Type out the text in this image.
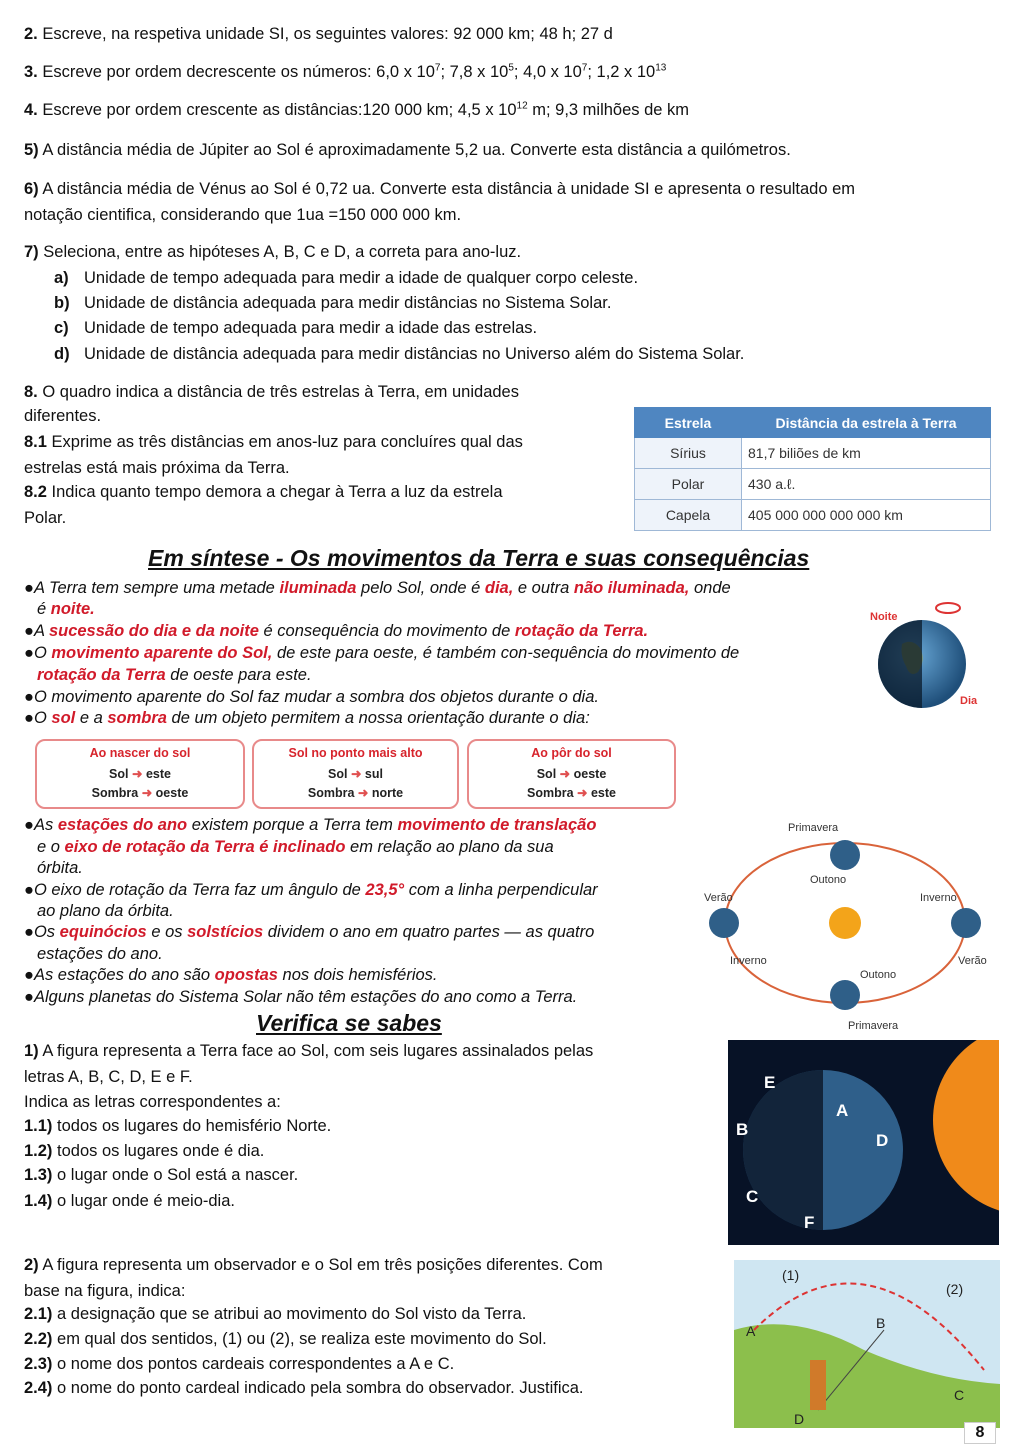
2. Escreve, na respetiva unidade SI, os seguintes valores: 92 000 km; 48 h; 27 d
3. Escreve por ordem decrescente os números: 6,0 x $10^7$; 7,8 x $10^5$; 4,0 x $10^7$; 1,2 x $10^{13}$
4. Escreve por ordem crescente as distâncias:120 000 km; 4,5 x $10^{12}$ m; 9,3 milhões de km
5) A distância média de Júpiter ao Sol é aproximadamente 5,2 ua. Converte esta distância a quilómetros.
6) A distância média de Vénus ao Sol é 0,72 ua. Converte esta distância à unidade SI e apresenta o resultado em
notação cientifica, considerando que 1ua =150 000 000 km.
7) Seleciona, entre as hipóteses A, B, C e D, a correta para ano-luz.
a) Unidade de tempo adequada para medir a idade de qualquer corpo celeste.
b) Unidade de distância adequada para medir distâncias no Sistema Solar.
c) Unidade de tempo adequada para medir a idade das estrelas.
d) Unidade de distância adequada para medir distâncias no Universo além do Sistema Solar.
8. O quadro indica a distância de três estrelas à Terra, em unidades
diferentes.
8.1 Exprime as três distâncias em anos-luz para concluíres qual das
estrelas está mais próxima da Terra.
8.2 Indica quanto tempo demora a chegar à Terra a luz da estrela
Polar.
Estrela	Distância da estrela à Terra
Sírius	81,7 biliões de km
Polar	430 a.ℓ.
Capela	405 000 000 000 000 km
Em síntese - Os movimentos da Terra e suas consequências
●A Terra tem sempre uma metade iluminada pelo Sol, onde é dia, e outra não iluminada, onde
é noite.
●A sucessão do dia e da noite é consequência do movimento de rotação da Terra.
●O movimento aparente do Sol, de este para oeste, é também con-sequência do movimento de
rotação da Terra de oeste para este.
●O movimento aparente do Sol faz mudar a sombra dos objetos durante o dia.
●O sol e a sombra de um objeto permitem a nossa orientação durante o dia:
Noite
Dia
Ao nascer do sol
Sol ➜ este
Sombra ➜ oeste
Sol no ponto mais alto
Sol ➜ sul
Sombra ➜ norte
Ao pôr do sol
Sol ➜ oeste
Sombra ➜ este
●As estações do ano existem porque a Terra tem movimento de translação
e o eixo de rotação da Terra é inclinado em relação ao plano da sua
órbita.
●O eixo de rotação da Terra faz um ângulo de 23,5° com a linha perpendicular
ao plano da órbita.
●Os equinócios e os solstícios dividem o ano em quatro partes — as quatro
estações do ano.
●As estações do ano são opostas nos dois hemisférios.
●Alguns planetas do Sistema Solar não têm estações do ano como a Terra.
Primavera
Primavera
Verão
Verão
Outono
Outono
Inverno
Inverno
Verifica se sabes
1) A figura representa a Terra face ao Sol, com seis lugares assinalados pelas
letras A, B, C, D, E e F.
Indica as letras correspondentes a:
1.1) todos os lugares do hemisfério Norte.
1.2) todos os lugares onde é dia.
1.3) o lugar onde o Sol está a nascer.
1.4) o lugar onde é meio-dia.
E
A
B
D
C
F
2) A figura representa um observador e o Sol em três posições diferentes. Com
base na figura, indica:
2.1) a designação que se atribui ao movimento do Sol visto da Terra.
2.2) em qual dos sentidos, (1) ou (2), se realiza este movimento do Sol.
2.3) o nome dos pontos cardeais correspondentes a A e C.
2.4) o nome do ponto cardeal indicado pela sombra do observador. Justifica.
(1)
(2)
A	B
C
D
8
